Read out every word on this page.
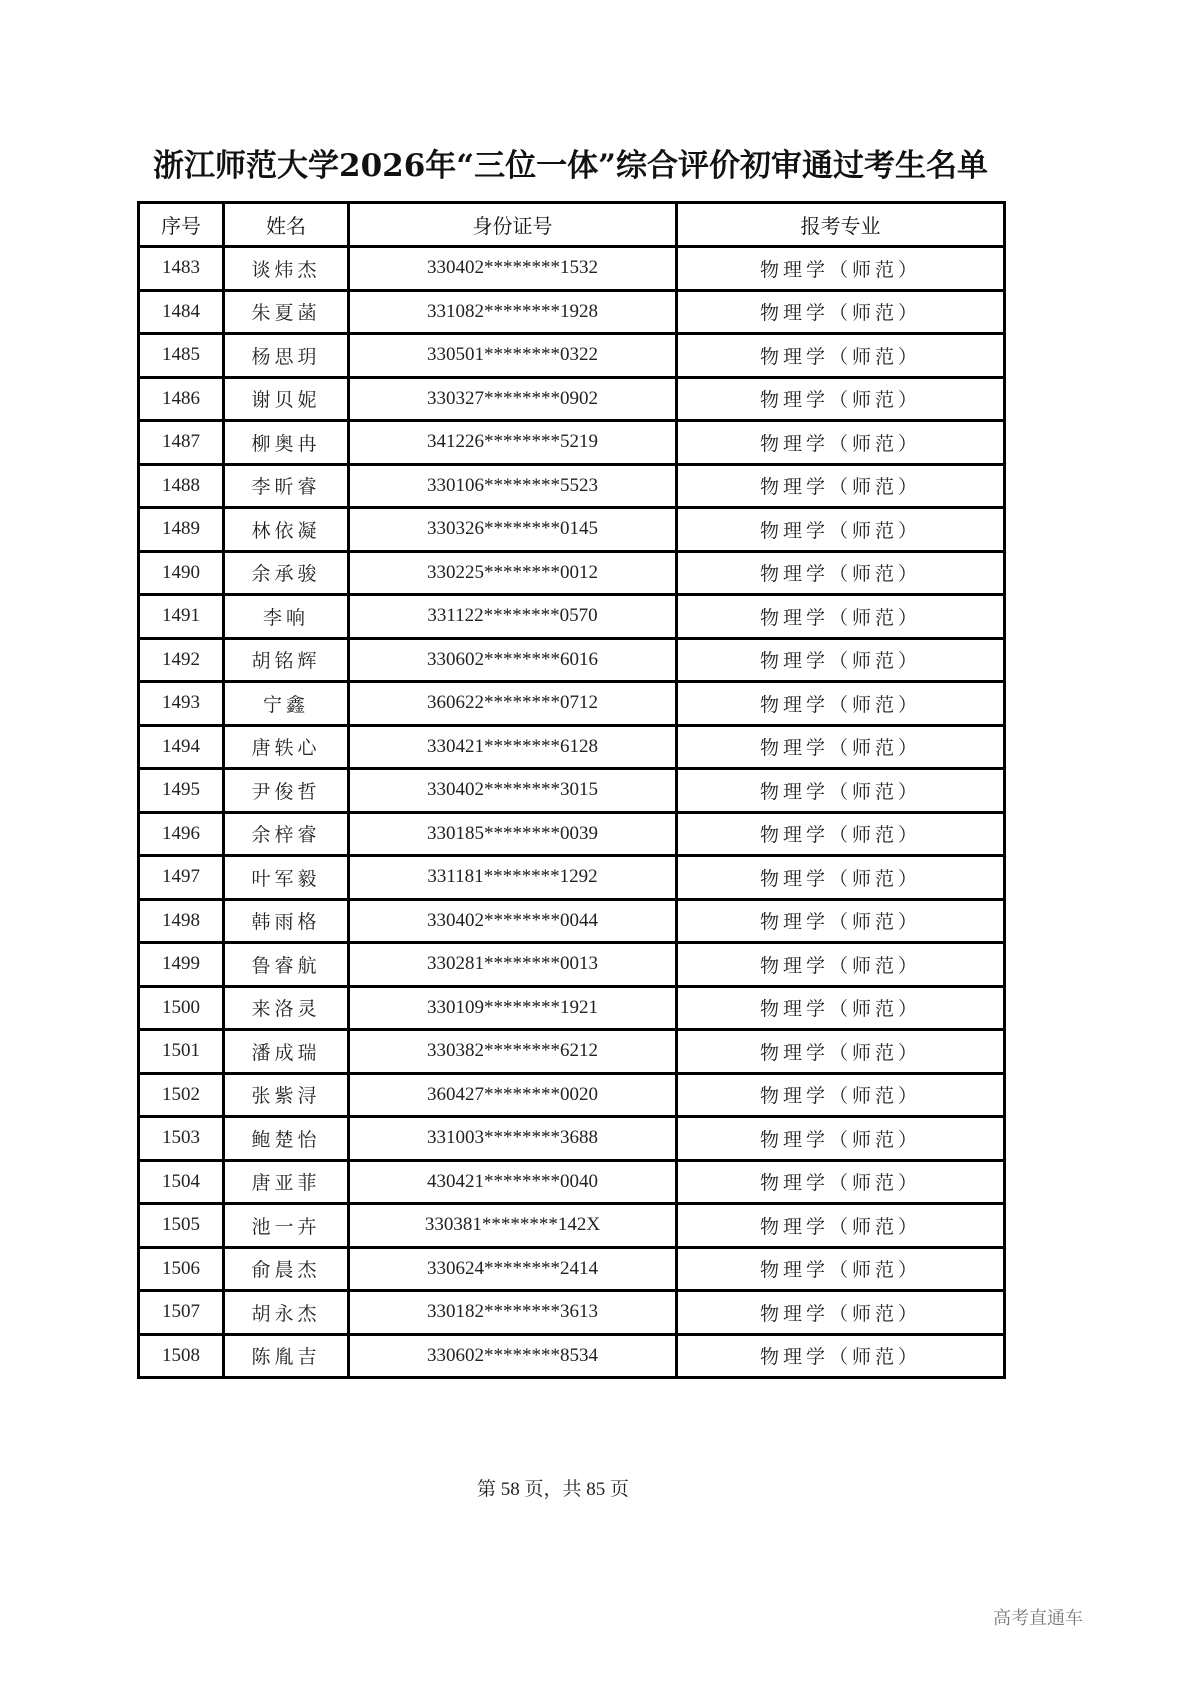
浙江师范大学2026年“三位一体”综合评价初审通过考生名单
序号	姓名	身份证号	报考专业
1483	谈炜杰	330402********1532	物理学（师范）
1484	朱夏菡	331082********1928	物理学（师范）
1485	杨思玥	330501********0322	物理学（师范）
1486	谢贝妮	330327********0902	物理学（师范）
1487	柳奥冉	341226********5219	物理学（师范）
1488	李昕睿	330106********5523	物理学（师范）
1489	林依凝	330326********0145	物理学（师范）
1490	余承骏	330225********0012	物理学（师范）
1491	李响	331122********0570	物理学（师范）
1492	胡铭辉	330602********6016	物理学（师范）
1493	宁鑫	360622********0712	物理学（师范）
1494	唐轶心	330421********6128	物理学（师范）
1495	尹俊哲	330402********3015	物理学（师范）
1496	余梓睿	330185********0039	物理学（师范）
1497	叶军毅	331181********1292	物理学（师范）
1498	韩雨格	330402********0044	物理学（师范）
1499	鲁睿航	330281********0013	物理学（师范）
1500	来洛灵	330109********1921	物理学（师范）
1501	潘成瑞	330382********6212	物理学（师范）
1502	张紫浔	360427********0020	物理学（师范）
1503	鲍楚怡	331003********3688	物理学（师范）
1504	唐亚菲	430421********0040	物理学（师范）
1505	池一卉	330381********142X	物理学（师范）
1506	俞晨杰	330624********2414	物理学（师范）
1507	胡永杰	330182********3613	物理学（师范）
1508	陈胤吉	330602********8534	物理学（师范）
第 58 页，共 85 页
高考直通车
